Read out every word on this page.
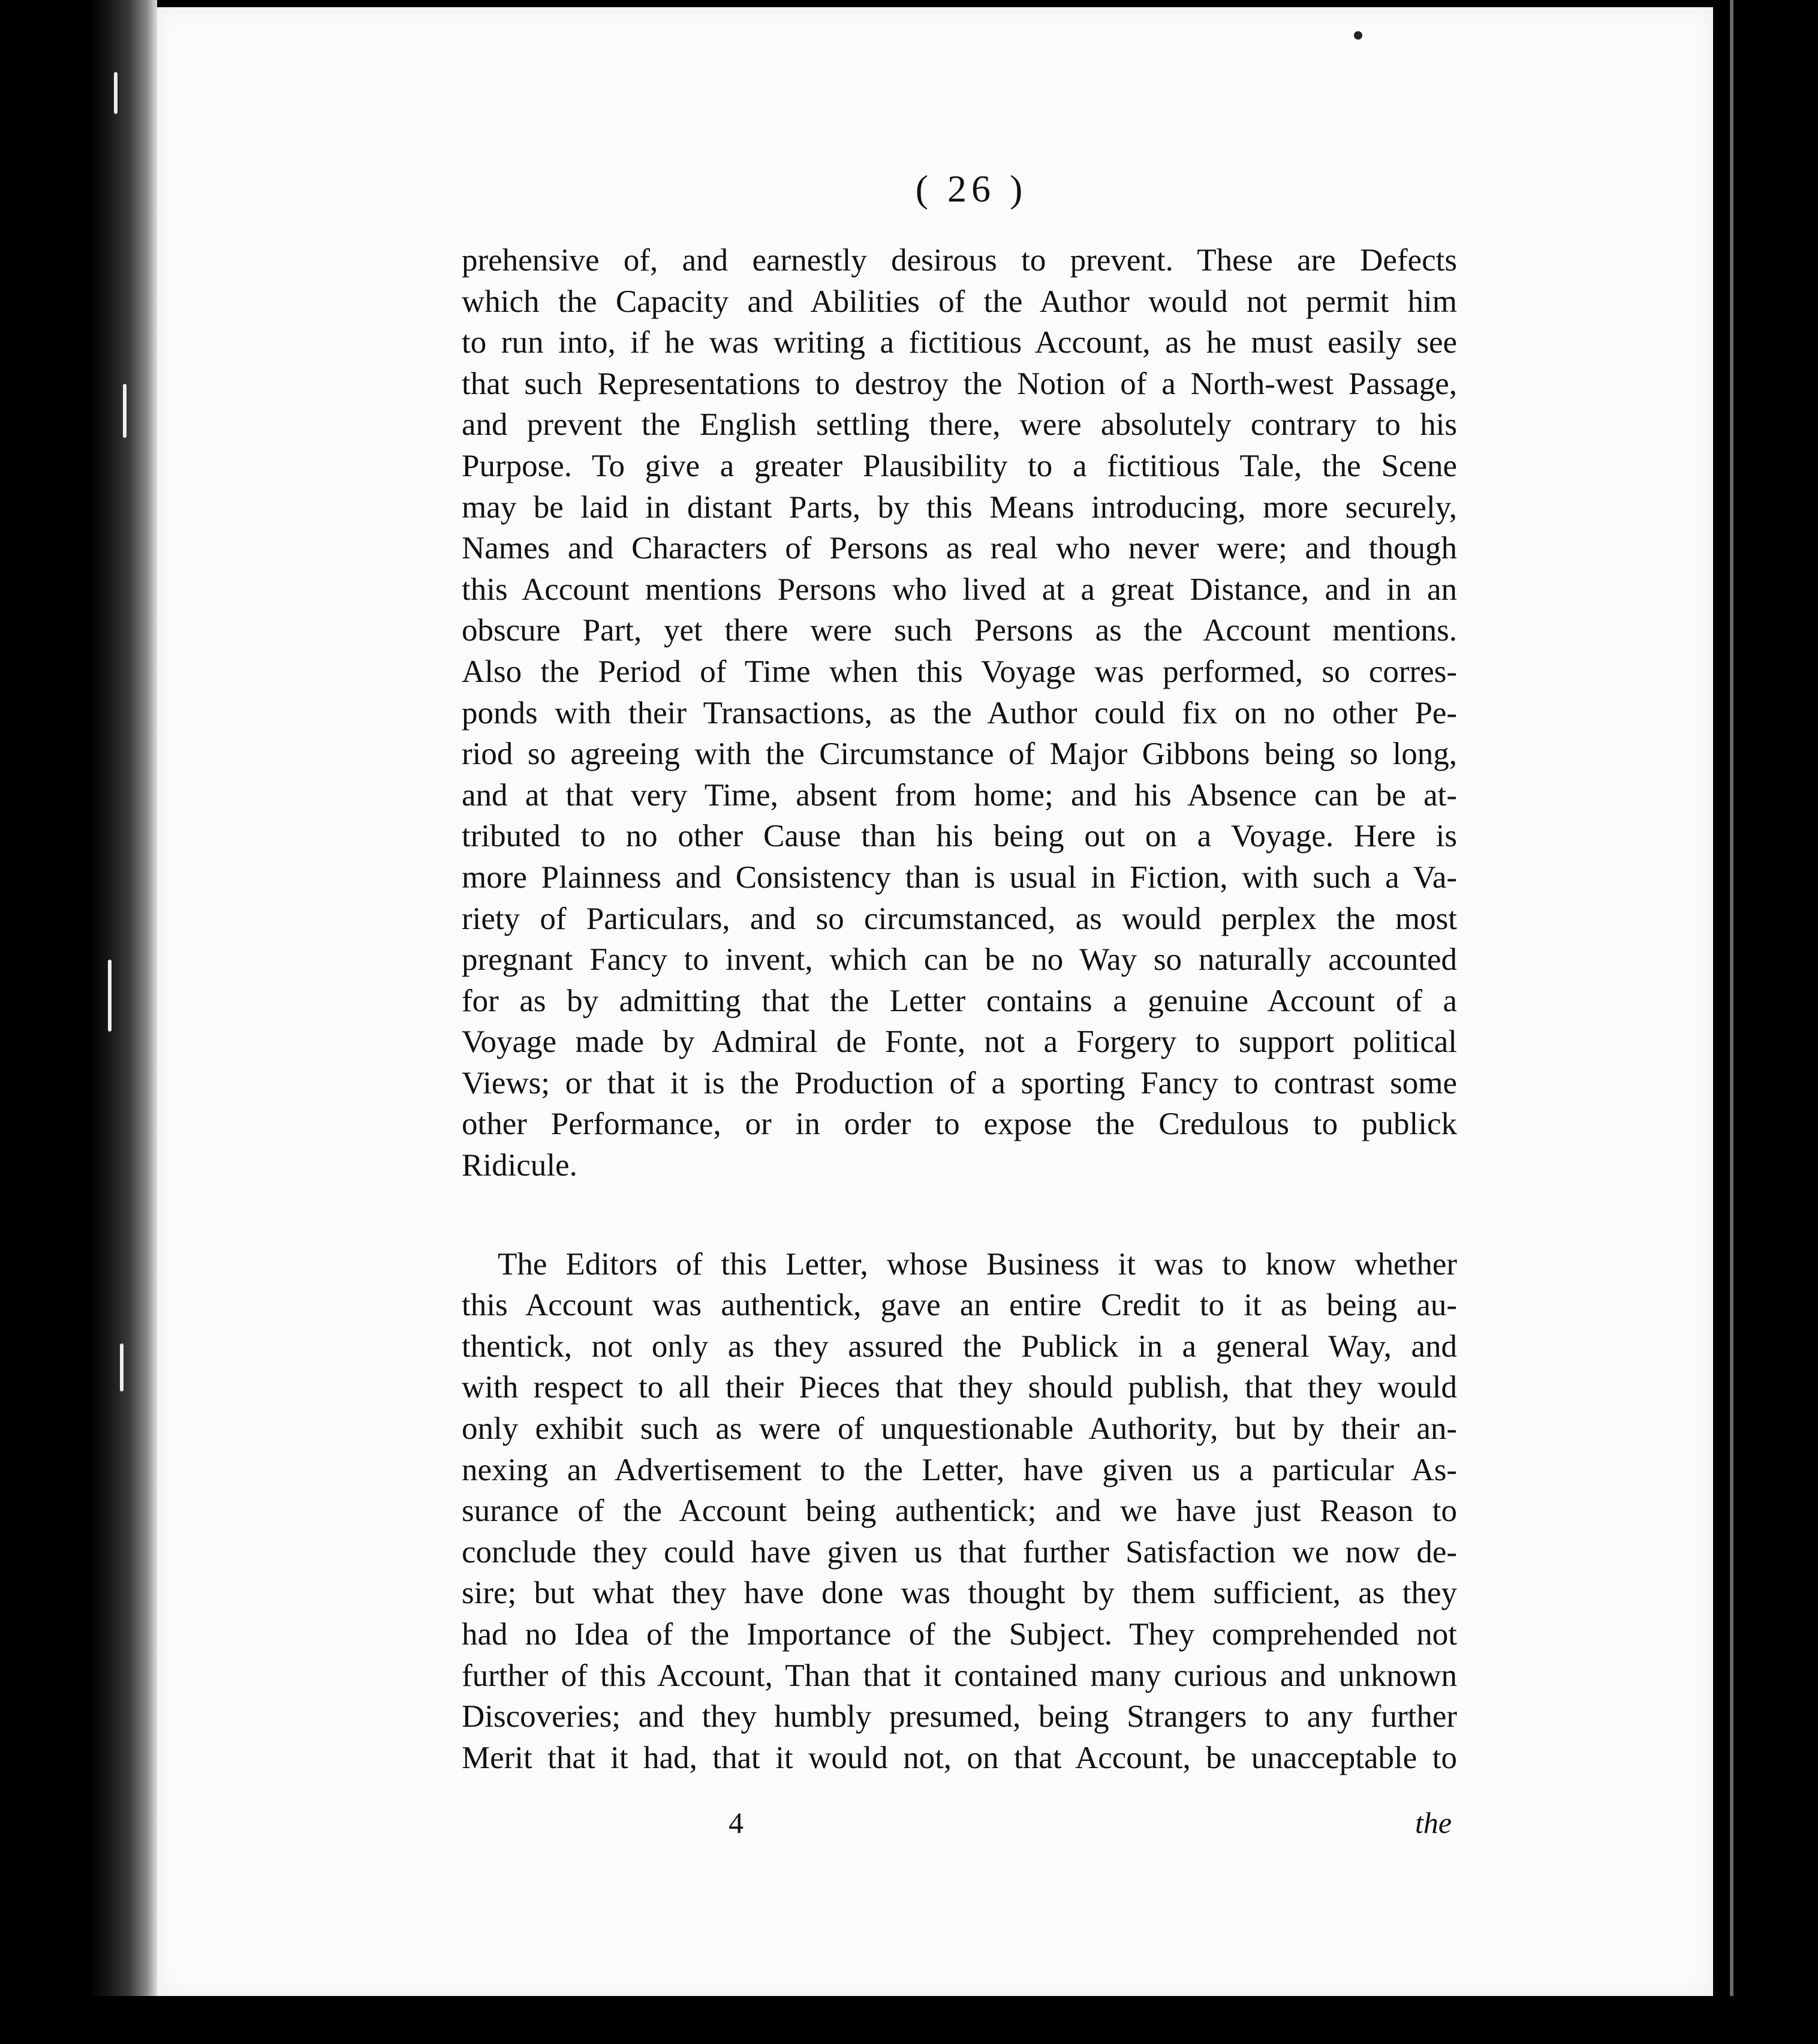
( 26 )
prehensive of, and earnestly desirous to prevent. These are Defects
which the Capacity and Abilities of the Author would not permit him
to run into, if he was writing a fictitious Account, as he must easily see
that such Representations to destroy the Notion of a North-west Passage,
and prevent the English settling there, were absolutely contrary to his
Purpose. To give a greater Plausibility to a fictitious Tale, the Scene
may be laid in distant Parts, by this Means introducing, more securely,
Names and Characters of Persons as real who never were; and though
this Account mentions Persons who lived at a great Distance, and in an
obscure Part, yet there were such Persons as the Account mentions.
Also the Period of Time when this Voyage was performed, so corres-
ponds with their Transactions, as the Author could fix on no other Pe-
riod so agreeing with the Circumstance of Major Gibbons being so long,
and at that very Time, absent from home; and his Absence can be at-
tributed to no other Cause than his being out on a Voyage. Here is
more Plainness and Consistency than is usual in Fiction, with such a Va-
riety of Particulars, and so circumstanced, as would perplex the most
pregnant Fancy to invent, which can be no Way so naturally accounted
for as by admitting that the Letter contains a genuine Account of a
Voyage made by Admiral de Fonte, not a Forgery to support political
Views; or that it is the Production of a sporting Fancy to contrast some
other Performance, or in order to expose the Credulous to publick
Ridicule.
The Editors of this Letter, whose Business it was to know whether
this Account was authentick, gave an entire Credit to it as being au-
thentick, not only as they assured the Publick in a general Way, and
with respect to all their Pieces that they should publish, that they would
only exhibit such as were of unquestionable Authority, but by their an-
nexing an Advertisement to the Letter, have given us a particular As-
surance of the Account being authentick; and we have just Reason to
conclude they could have given us that further Satisfaction we now de-
sire; but what they have done was thought by them sufficient, as they
had no Idea of the Importance of the Subject. They comprehended not
further of this Account, Than that it contained many curious and unknown
Discoveries; and they humbly presumed, being Strangers to any further
Merit that it had, that it would not, on that Account, be unacceptable to
4	the
